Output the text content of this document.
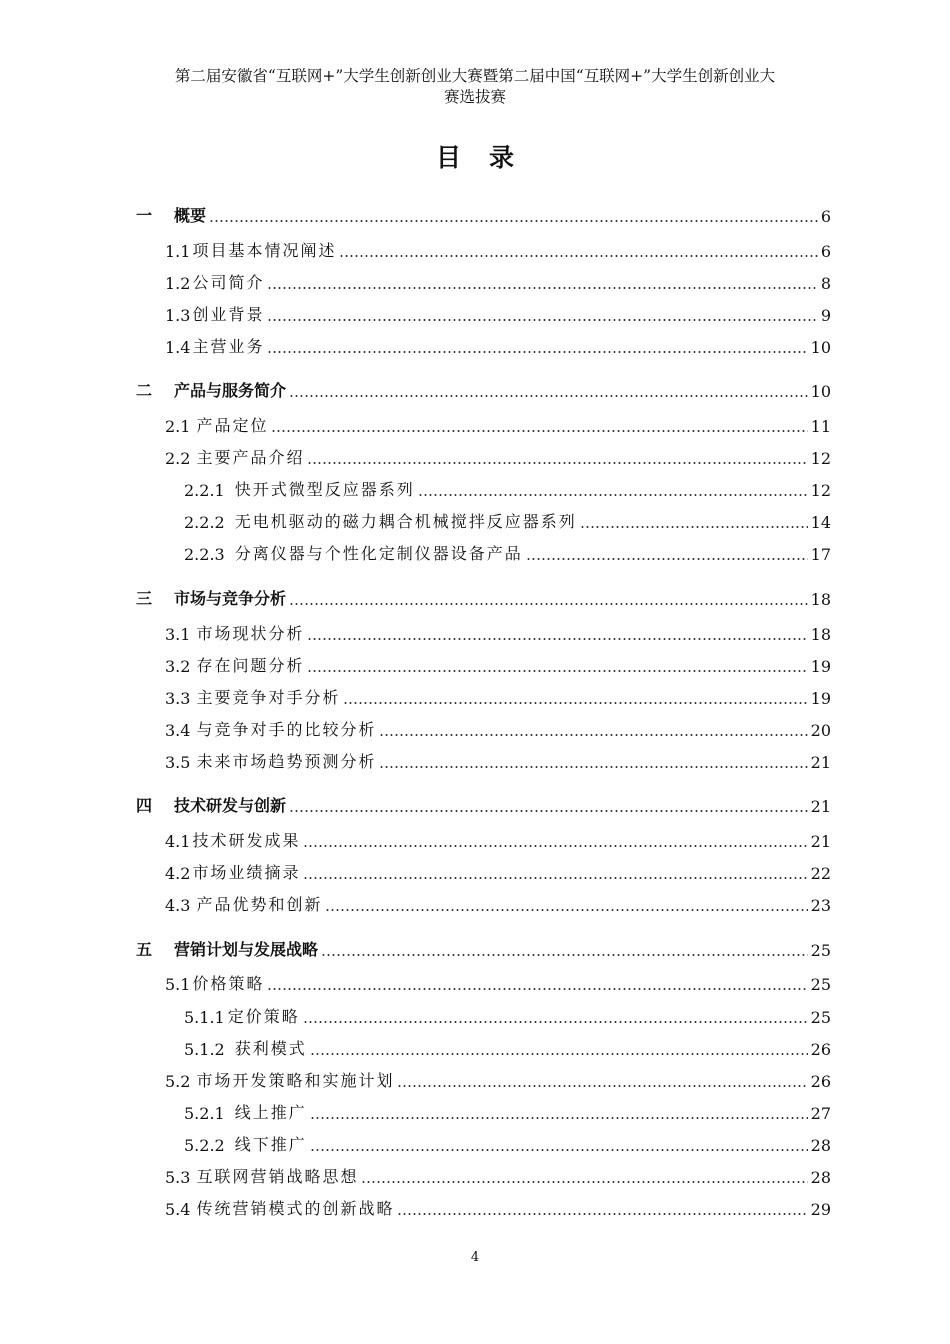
第二届安徽省“互联网+”大学生创新创业大赛暨第二届中国“互联网+”大学生创新创业大
赛选拔赛
目录
一 概要	6
1.1 项目基本情况阐述	6
1.2 公司简介	8
1.3 创业背景	9
1.4 主营业务	10
二 产品与服务简介	10
2.1 产品定位	11
2.2 主要产品介绍	12
2.2.1 快开式微型反应器系列	12
2.2.2 无电机驱动的磁力耦合机械搅拌反应器系列	14
2.2.3 分离仪器与个性化定制仪器设备产品	17
三 市场与竞争分析	18
3.1 市场现状分析	18
3.2 存在问题分析	19
3.3 主要竞争对手分析	19
3.4 与竞争对手的比较分析	20
3.5 未来市场趋势预测分析	21
四 技术研发与创新	21
4.1 技术研发成果	21
4.2 市场业绩摘录	22
4.3 产品优势和创新	23
五 营销计划与发展战略	25
5.1 价格策略	25
5.1.1 定价策略	25
5.1.2 获利模式	26
5.2 市场开发策略和实施计划	26
5.2.1 线上推广	27
5.2.2 线下推广	28
5.3 互联网营销战略思想	28
5.4 传统营销模式的创新战略	29
4
